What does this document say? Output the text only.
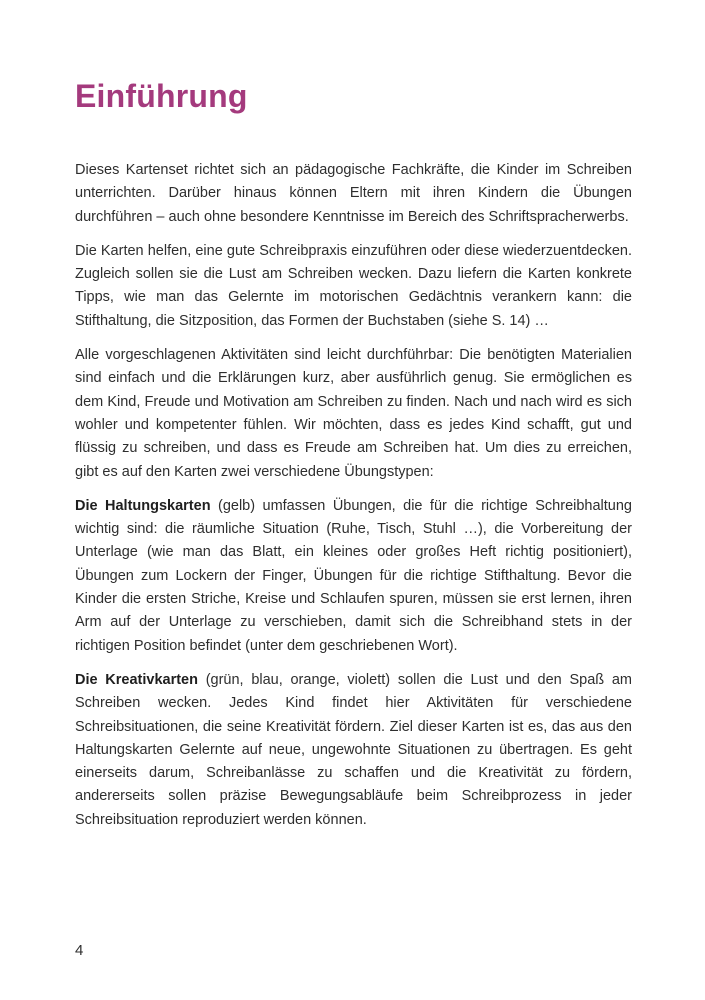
Einführung

Dieses Kartenset richtet sich an pädagogische Fachkräfte, die Kinder im Schreiben unterrichten. Darüber hinaus können Eltern mit ihren Kindern die Übungen durchführen – auch ohne besondere Kenntnisse im Bereich des Schriftspracherwerbs.

Die Karten helfen, eine gute Schreibpraxis einzuführen oder diese wiederzuentdecken. Zugleich sollen sie die Lust am Schreiben wecken. Dazu liefern die Karten konkrete Tipps, wie man das Gelernte im motorischen Gedächtnis verankern kann: die Stifthaltung, die Sitzposition, das Formen der Buchstaben (siehe S. 14) …

Alle vorgeschlagenen Aktivitäten sind leicht durchführbar: Die benötigten Materialien sind einfach und die Erklärungen kurz, aber ausführlich genug. Sie ermöglichen es dem Kind, Freude und Motivation am Schreiben zu finden. Nach und nach wird es sich wohler und kompetenter fühlen. Wir möchten, dass es jedes Kind schafft, gut und flüssig zu schreiben, und dass es Freude am Schreiben hat. Um dies zu erreichen, gibt es auf den Karten zwei verschiedene Übungstypen:

Die Haltungskarten (gelb) umfassen Übungen, die für die richtige Schreibhaltung wichtig sind: die räumliche Situation (Ruhe, Tisch, Stuhl …), die Vorbereitung der Unterlage (wie man das Blatt, ein kleines oder großes Heft richtig positioniert), Übungen zum Lockern der Finger, Übungen für die richtige Stifthaltung. Bevor die Kinder die ersten Striche, Kreise und Schlaufen spuren, müssen sie erst lernen, ihren Arm auf der Unterlage zu verschieben, damit sich die Schreibhand stets in der richtigen Position befindet (unter dem geschriebenen Wort).

Die Kreativkarten (grün, blau, orange, violett) sollen die Lust und den Spaß am Schreiben wecken. Jedes Kind findet hier Aktivitäten für verschiedene Schreibsituationen, die seine Kreativität fördern. Ziel dieser Karten ist es, das aus den Haltungskarten Gelernte auf neue, ungewohnte Situationen zu übertragen. Es geht einerseits darum, Schreibanlässe zu schaffen und die Kreativität zu fördern, andererseits sollen präzise Bewegungsabläufe beim Schreibprozess in jeder Schreibsituation reproduziert werden können.

4
